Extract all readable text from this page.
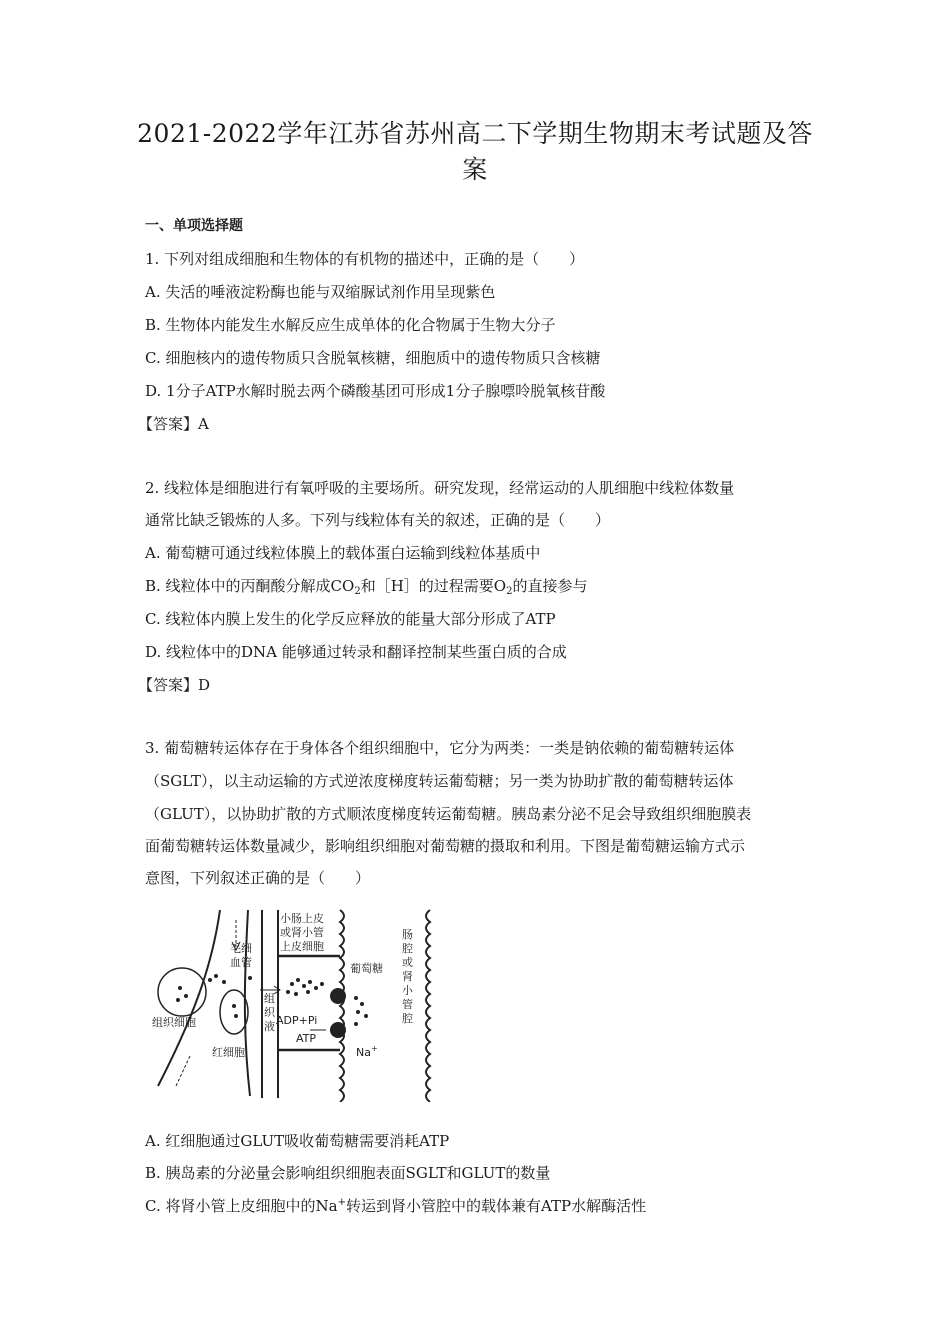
2021-2022学年江苏省苏州高二下学期生物期末考试题及答
案
一、单项选择题
1. 下列对组成细胞和生物体的有机物的描述中，正确的是（　　）
A. 失活的唾液淀粉酶也能与双缩脲试剂作用呈现紫色
B. 生物体内能发生水解反应生成单体的化合物属于生物大分子
C. 细胞核内的遗传物质只含脱氧核糖，细胞质中的遗传物质只含核糖
D. 1分子ATP水解时脱去两个磷酸基团可形成1分子腺嘌呤脱氧核苷酸
【答案】A
2. 线粒体是细胞进行有氧呼吸的主要场所。研究发现，经常运动的人肌细胞中线粒体数量
通常比缺乏锻炼的人多。下列与线粒体有关的叙述，正确的是（　　）
A. 葡萄糖可通过线粒体膜上的载体蛋白运输到线粒体基质中
B. 线粒体中的丙酮酸分解成$CO_2$和［H］的过程需要$O_2$的直接参与
C. 线粒体内膜上发生的化学反应释放的能量大部分形成了ATP
D. 线粒体中的DNA 能够通过转录和翻译控制某些蛋白质的合成
【答案】D
3. 葡萄糖转运体存在于身体各个组织细胞中，它分为两类：一类是钠依赖的葡萄糖转运体
（SGLT），以主动运输的方式逆浓度梯度转运葡萄糖；另一类为协助扩散的葡萄糖转运体
（GLUT），以协助扩散的方式顺浓度梯度转运葡萄糖。胰岛素分泌不足会导致组织细胞膜表
面葡萄糖转运体数量减少，影响组织细胞对葡萄糖的摄取和利用。下图是葡萄糖运输方式示
意图，下列叙述正确的是（　　）
毛细
血管
小肠上皮
或肾小管
上皮细胞
葡萄糖
组织细胞
红细胞
ADP+Pi
ATP
Na+
组
织
液
肠
腔
或
肾
小
管
腔
A. 红细胞通过GLUT吸收葡萄糖需要消耗ATP
B. 胰岛素的分泌量会影响组织细胞表面SGLT和GLUT的数量
C. 将肾小管上皮细胞中的Na+转运到肾小管腔中的载体兼有ATP水解酶活性
